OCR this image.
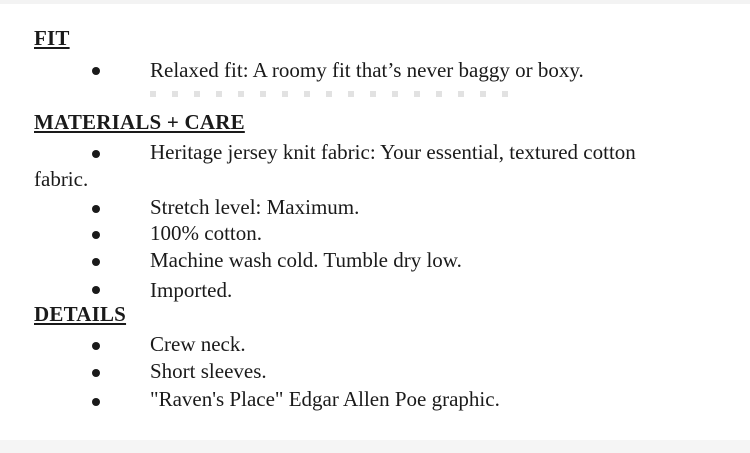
FIT
Relaxed fit: A roomy fit that’s never baggy or boxy.
MATERIALS + CARE
Heritage jersey knit fabric: Your essential, textured cotton
fabric.
Stretch level: Maximum.
100% cotton.
Machine wash cold. Tumble dry low.
Imported.
DETAILS
Crew neck.
Short sleeves.
"Raven's Place" Edgar Allen Poe graphic.
